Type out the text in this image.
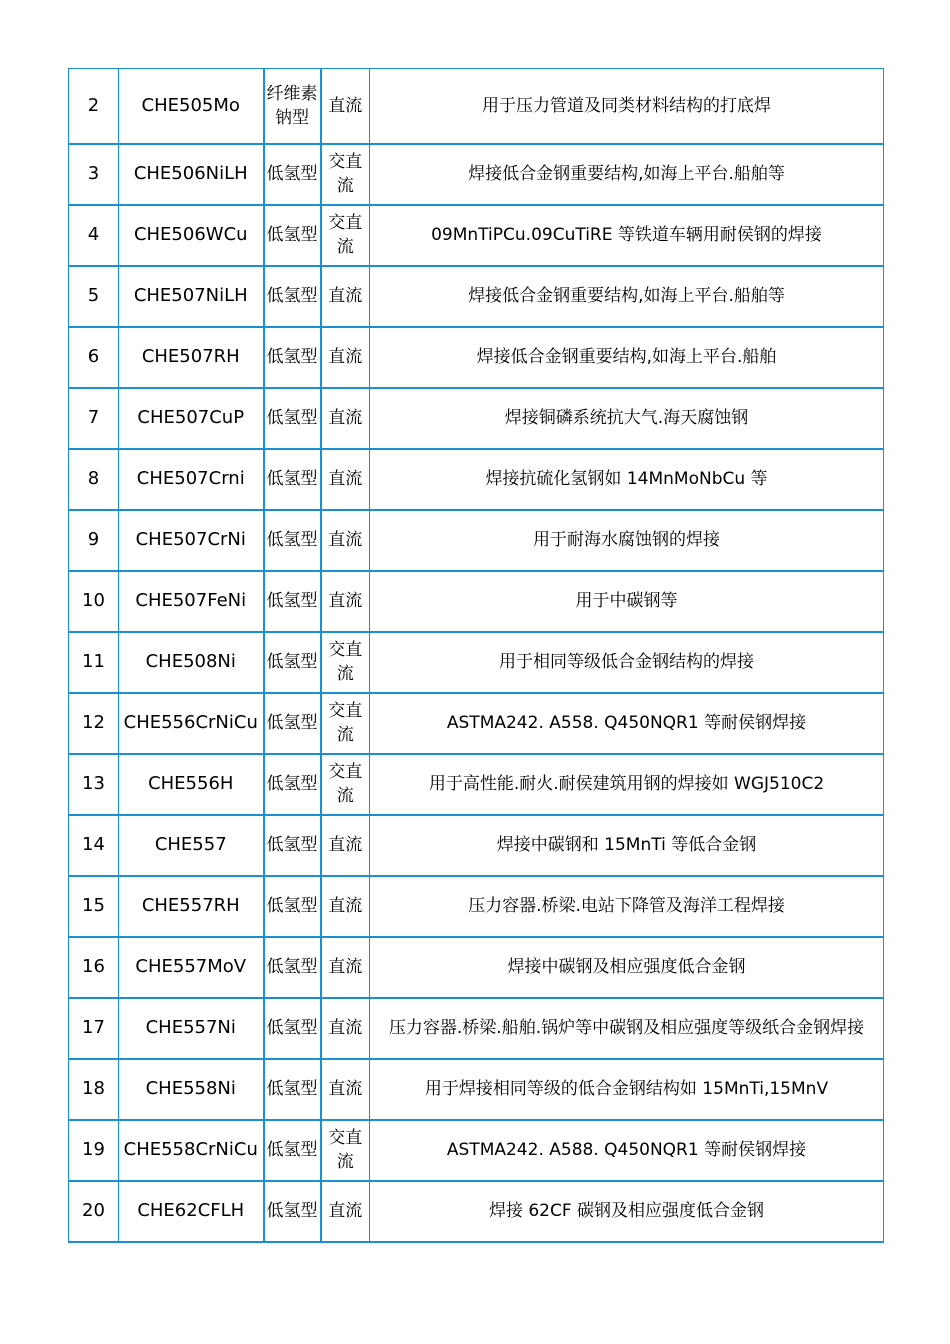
2	CHE505Mo	纤维素钠型	直流	用于压力管道及同类材料结构的打底焊
3	CHE506NiLH	低氢型	交直流	焊接低合金钢重要结构,如海上平台.船舶等
4	CHE506WCu	低氢型	交直流	09MnTiPCu.09CuTiRE 等铁道车辆用耐侯钢的焊接
5	CHE507NiLH	低氢型	直流	焊接低合金钢重要结构,如海上平台.船舶等
6	CHE507RH	低氢型	直流	焊接低合金钢重要结构,如海上平台.船舶
7	CHE507CuP	低氢型	直流	焊接铜磷系统抗大气.海天腐蚀钢
8	CHE507Crni	低氢型	直流	焊接抗硫化氢钢如 14MnMoNbCu 等
9	CHE507CrNi	低氢型	直流	用于耐海水腐蚀钢的焊接
10	CHE507FeNi	低氢型	直流	用于中碳钢等
11	CHE508Ni	低氢型	交直流	用于相同等级低合金钢结构的焊接
12	CHE556CrNiCu	低氢型	交直流	ASTMA242. A558. Q450NQR1 等耐侯钢焊接
13	CHE556H	低氢型	交直流	用于高性能.耐火.耐侯建筑用钢的焊接如 WGJ510C2
14	CHE557	低氢型	直流	焊接中碳钢和 15MnTi 等低合金钢
15	CHE557RH	低氢型	直流	压力容器.桥梁.电站下降管及海洋工程焊接
16	CHE557MoV	低氢型	直流	焊接中碳钢及相应强度低合金钢
17	CHE557Ni	低氢型	直流	压力容器.桥梁.船舶.锅炉等中碳钢及相应强度等级纸合金钢焊接
18	CHE558Ni	低氢型	直流	用于焊接相同等级的低合金钢结构如 15MnTi,15MnV
19	CHE558CrNiCu	低氢型	交直流	ASTMA242. A588. Q450NQR1 等耐侯钢焊接
20	CHE62CFLH	低氢型	直流	焊接 62CF 碳钢及相应强度低合金钢
